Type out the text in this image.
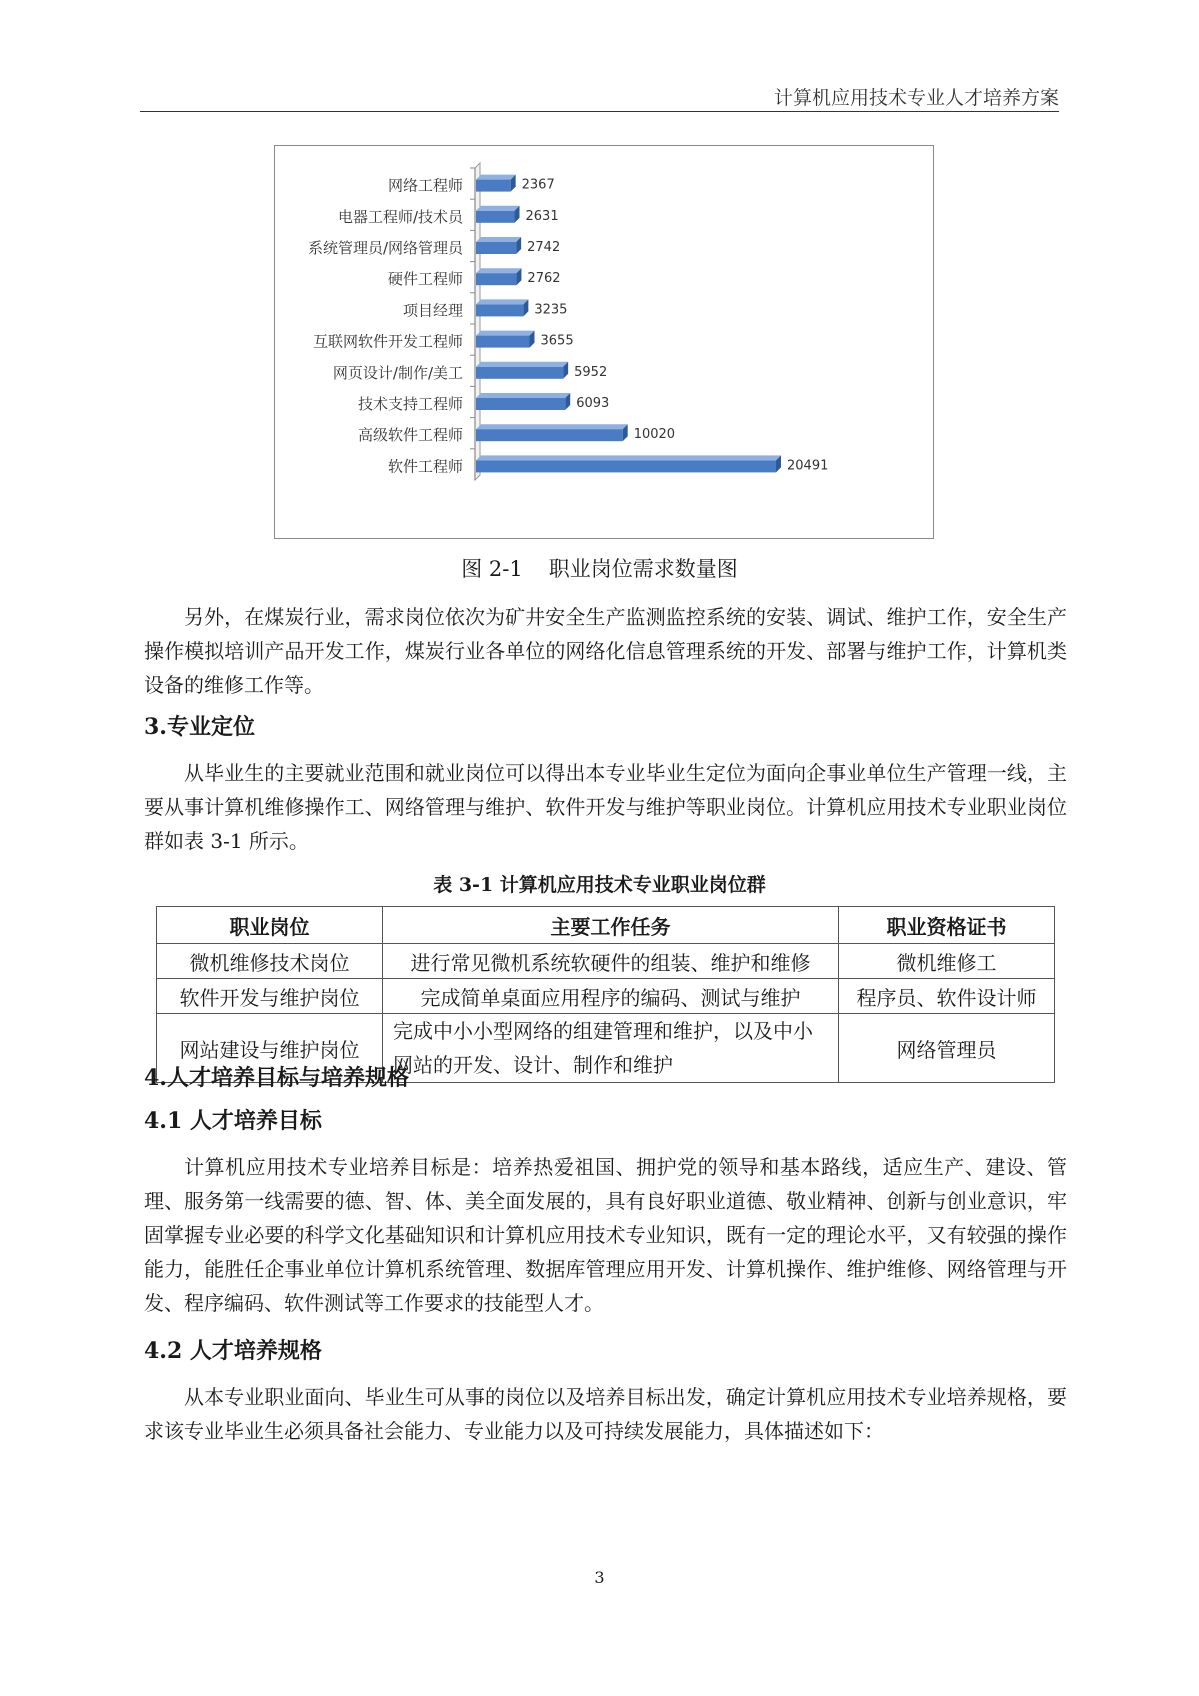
计算机应用技术专业人才培养方案
网络工程师	2367
电器工程师/技术员	2631
系统管理员/网络管理员	2742
硬件工程师	2762
项目经理	3235
互联网软件开发工程师	3655
网页设计/制作/美工	5952
技术支持工程师	6093
高级软件工程师	10020
软件工程师	20491
图 2-1 职业岗位需求数量图

另外，在煤炭行业，需求岗位依次为矿井安全生产监测监控系统的安装、调试、维护工作，安全生产操作模拟培训产品开发工作，煤炭行业各单位的网络化信息管理系统的开发、部署与维护工作，计算机类设备的维修工作等。

3.专业定位

从毕业生的主要就业范围和就业岗位可以得出本专业毕业生定位为面向企事业单位生产管理一线，主要从事计算机维修操作工、网络管理与维护、软件开发与维护等职业岗位。计算机应用技术专业职业岗位群如表 3-1 所示。

表 3-1 计算机应用技术专业职业岗位群
职业岗位	主要工作任务	职业资格证书
微机维修技术岗位	进行常见微机系统软硬件的组装、维护和维修	微机维修工
软件开发与维护岗位	完成简单桌面应用程序的编码、测试与维护	程序员、软件设计师
网站建设与维护岗位	完成中小小型网络的组建管理和维护，以及中小网站的开发、设计、制作和维护	网络管理员
4.人才培养目标与培养规格
4.1 人才培养目标

计算机应用技术专业培养目标是：培养热爱祖国、拥护党的领导和基本路线，适应生产、建设、管理、服务第一线需要的德、智、体、美全面发展的，具有良好职业道德、敬业精神、创新与创业意识，牢固掌握专业必要的科学文化基础知识和计算机应用技术专业知识，既有一定的理论水平，又有较强的操作能力，能胜任企事业单位计算机系统管理、数据库管理应用开发、计算机操作、维护维修、网络管理与开发、程序编码、软件测试等工作要求的技能型人才。

4.2 人才培养规格

从本专业职业面向、毕业生可从事的岗位以及培养目标出发，确定计算机应用技术专业培养规格，要求该专业毕业生必须具备社会能力、专业能力以及可持续发展能力，具体描述如下：

3
